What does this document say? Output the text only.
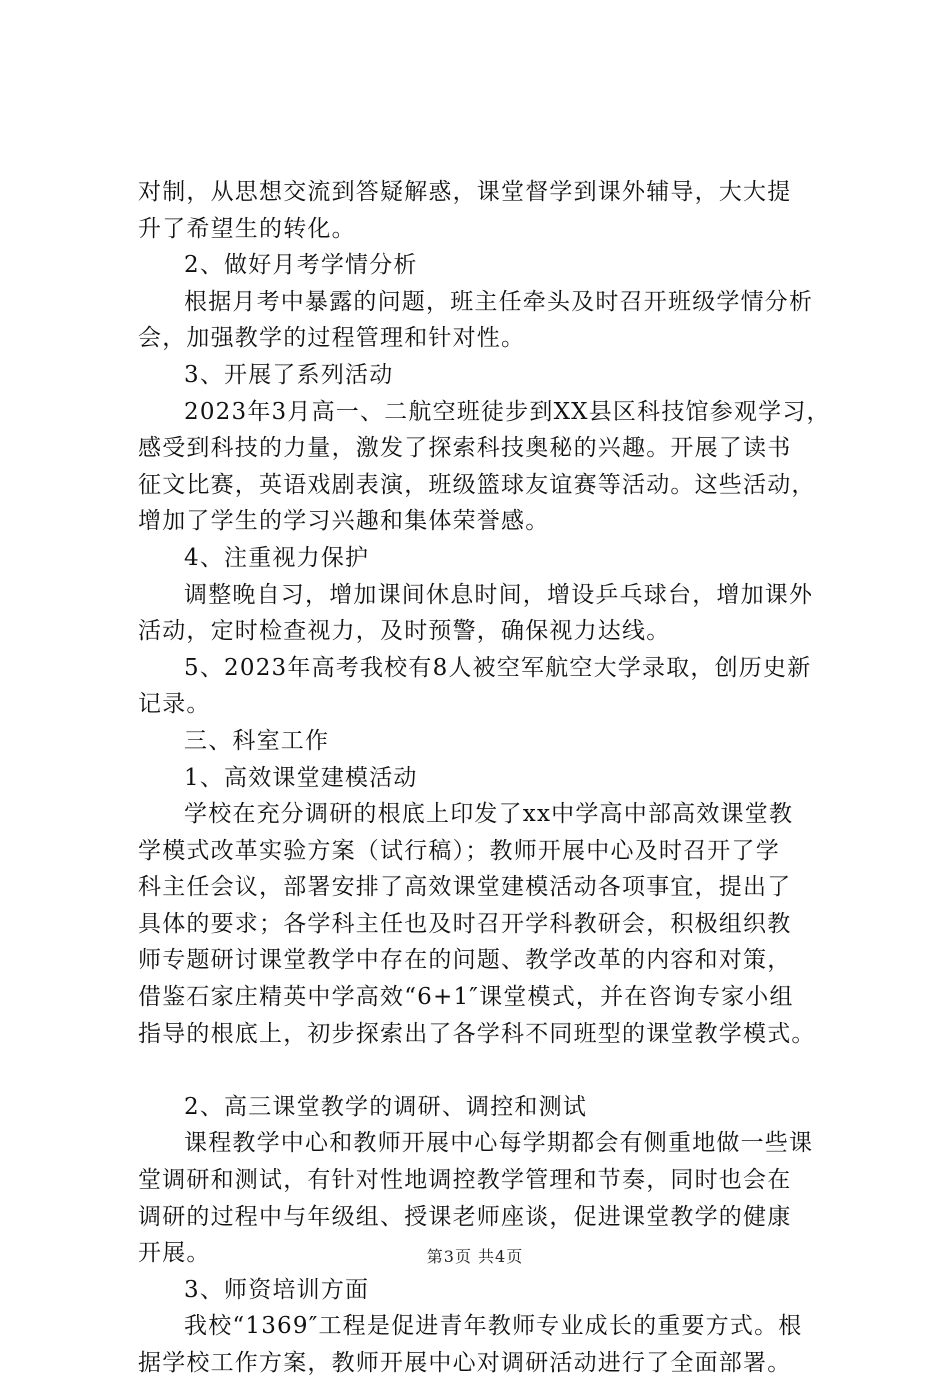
对制，从思想交流到答疑解惑，课堂督学到课外辅导，大大提
升了希望生的转化。
2、做好月考学情分析
根据月考中暴露的问题，班主任牵头及时召开班级学情分析
会，加强教学的过程管理和针对性。
3、开展了系列活动
2023年3月高一、二航空班徒步到XX县区科技馆参观学习，
感受到科技的力量，激发了探索科技奥秘的兴趣。开展了读书
征文比赛，英语戏剧表演，班级篮球友谊赛等活动。这些活动，
增加了学生的学习兴趣和集体荣誉感。
4、注重视力保护
调整晚自习，增加课间休息时间，增设乒乓球台，增加课外
活动，定时检查视力，及时预警，确保视力达线。
5、2023年高考我校有8人被空军航空大学录取，创历史新
记录。
三、科室工作
1、高效课堂建模活动
学校在充分调研的根底上印发了xx中学高中部高效课堂教
学模式改革实验方案（试行稿）；教师开展中心及时召开了学
科主任会议，部署安排了高效课堂建模活动各项事宜，提出了
具体的要求；各学科主任也及时召开学科教研会，积极组织教
师专题研讨课堂教学中存在的问题、教学改革的内容和对策，
借鉴石家庄精英中学高效“6+1″课堂模式，并在咨询专家小组
指导的根底上，初步探索出了各学科不同班型的课堂教学模式。
2、高三课堂教学的调研、调控和测试
课程教学中心和教师开展中心每学期都会有侧重地做一些课
堂调研和测试，有针对性地调控教学管理和节奏，同时也会在
调研的过程中与年级组、授课老师座谈，促进课堂教学的健康
开展。
3、师资培训方面
我校“1369″工程是促进青年教师专业成长的重要方式。根
据学校工作方案，教师开展中心对调研活动进行了全面部署。
第3页 共4页
